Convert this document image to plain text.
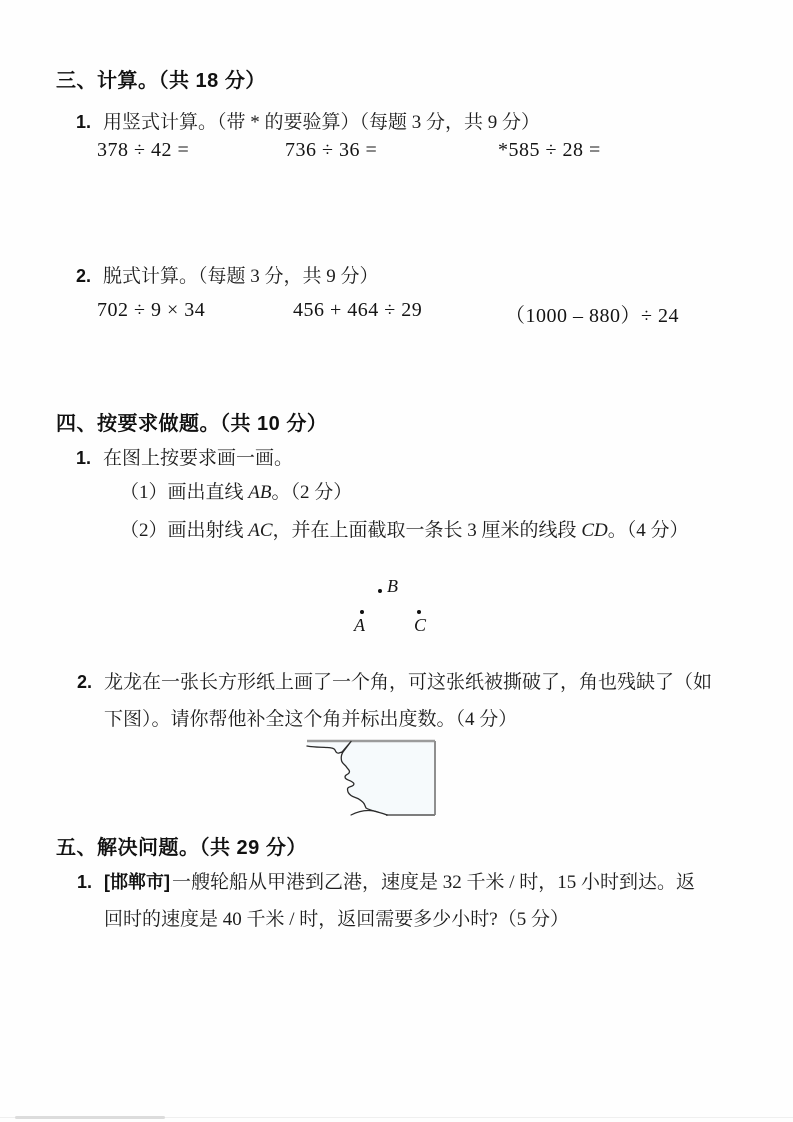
三、计算。（共 18 分）
1. 用竖式计算。（带 * 的要验算）（每题 3 分，共 9 分）
378 ÷ 42 =	736 ÷ 36 =	*585 ÷ 28 =
2. 脱式计算。（每题 3 分，共 9 分）
702 ÷ 9 × 34	456 + 464 ÷ 29	（1000 – 880）÷ 24
四、按要求做题。（共 10 分）
1. 在图上按要求画一画。
（1）画出直线 AB。（2 分）
（2）画出射线 AC，并在上面截取一条长 3 厘米的线段 CD。（4 分）
B
A	C
2. 龙龙在一张长方形纸上画了一个角，可这张纸被撕破了，角也残缺了（如
下图）。请你帮他补全这个角并标出度数。（4 分）
五、解决问题。（共 29 分）
1. [邯郸市] 一艘轮船从甲港到乙港，速度是 32 千米 / 时，15 小时到达。返
回时的速度是 40 千米 / 时，返回需要多少小时?（5 分）
